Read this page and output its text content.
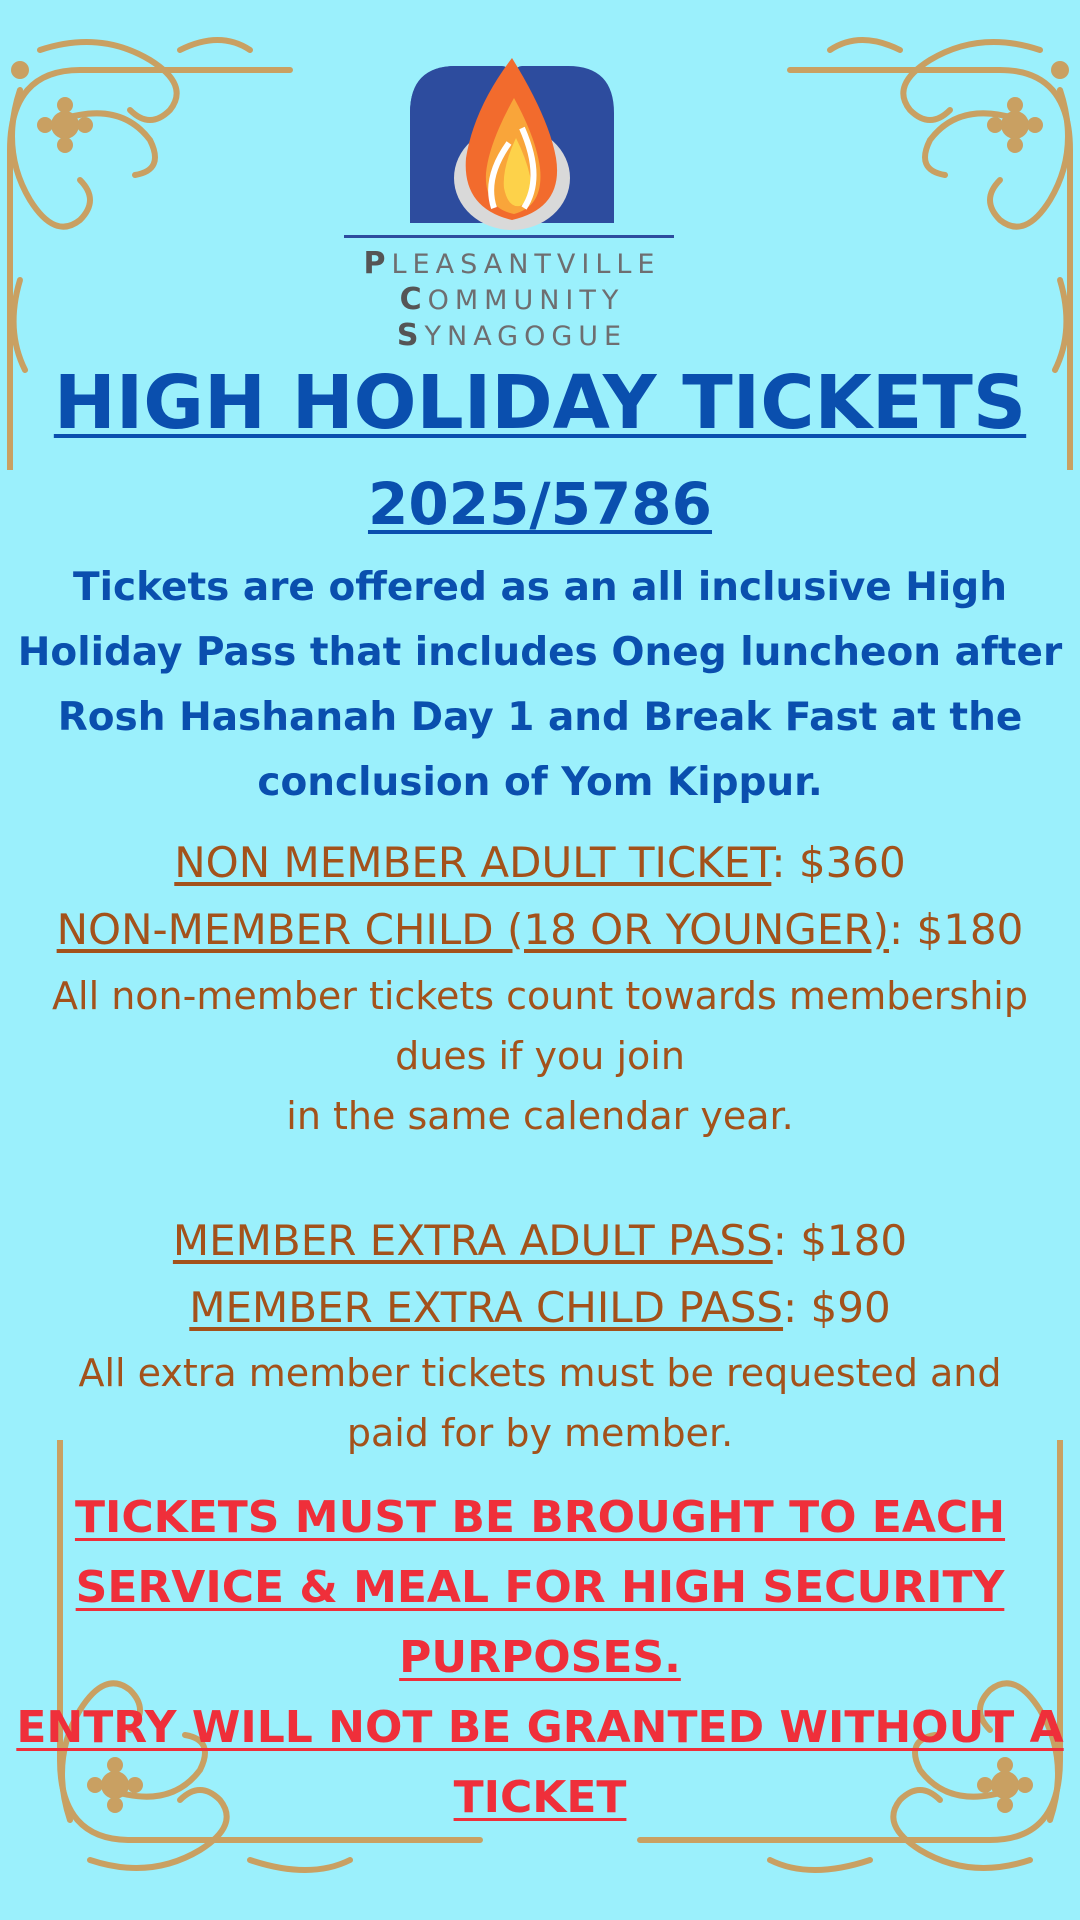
PLEASANTVILLE
COMMUNITY
SYNAGOGUE
HIGH HOLIDAY TICKETS
2025/5786
Tickets are offered as an all inclusive High
Holiday Pass that includes Oneg luncheon after
Rosh Hashanah Day 1 and Break Fast at the
conclusion of Yom Kippur.
NON MEMBER ADULT TICKET: $360
NON-MEMBER CHILD (18 OR YOUNGER): $180
All non-member tickets count towards membership
dues if you join
in the same calendar year.
MEMBER EXTRA ADULT PASS: $180
MEMBER EXTRA CHILD PASS: $90
All extra member tickets must be requested and
paid for by member.
TICKETS MUST BE BROUGHT TO EACH
SERVICE & MEAL FOR HIGH SECURITY
PURPOSES.
ENTRY WILL NOT BE GRANTED WITHOUT A
TICKET
